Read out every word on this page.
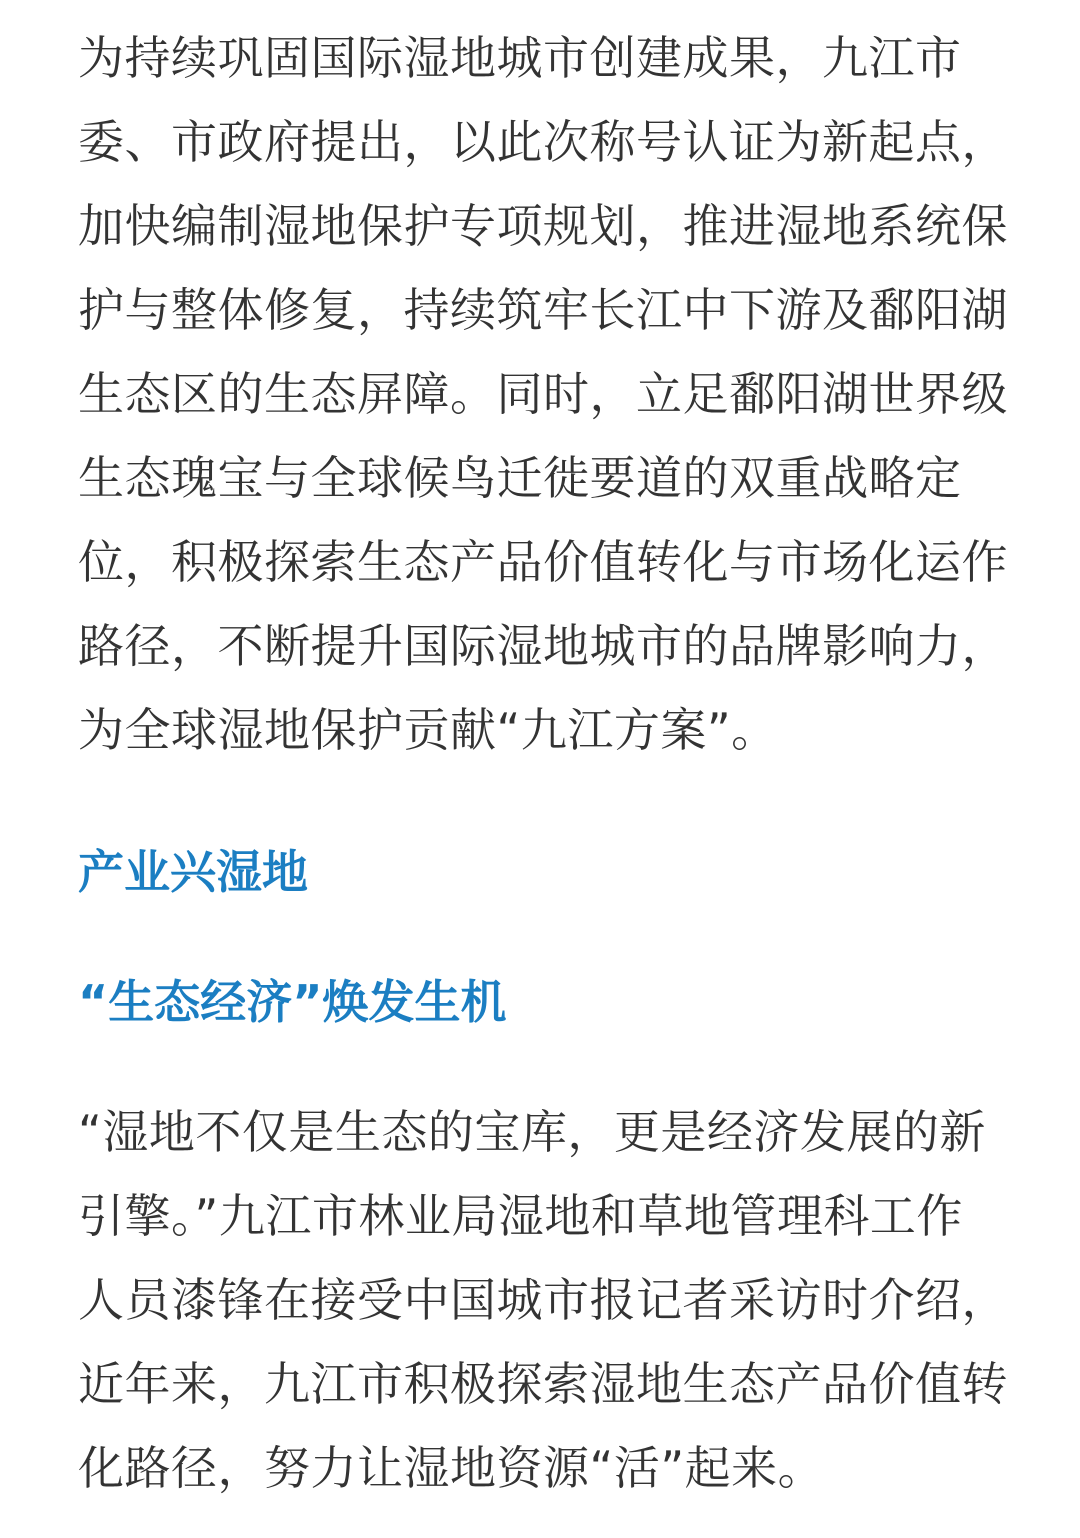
为持续巩固国际湿地城市创建成果，九江市
委、市政府提出，以此次称号认证为新起点，
加快编制湿地保护专项规划，推进湿地系统保
护与整体修复，持续筑牢长江中下游及鄱阳湖
生态区的生态屏障。同时，立足鄱阳湖世界级
生态瑰宝与全球候鸟迁徙要道的双重战略定
位，积极探索生态产品价值转化与市场化运作
路径，不断提升国际湿地城市的品牌影响力，
为全球湿地保护贡献“九江方案”。
产业兴湿地
“生态经济”焕发生机
“湿地不仅是生态的宝库，更是经济发展的新
引擎。”九江市林业局湿地和草地管理科工作
人员漆锋在接受中国城市报记者采访时介绍，
近年来，九江市积极探索湿地生态产品价值转
化路径，努力让湿地资源“活”起来。
